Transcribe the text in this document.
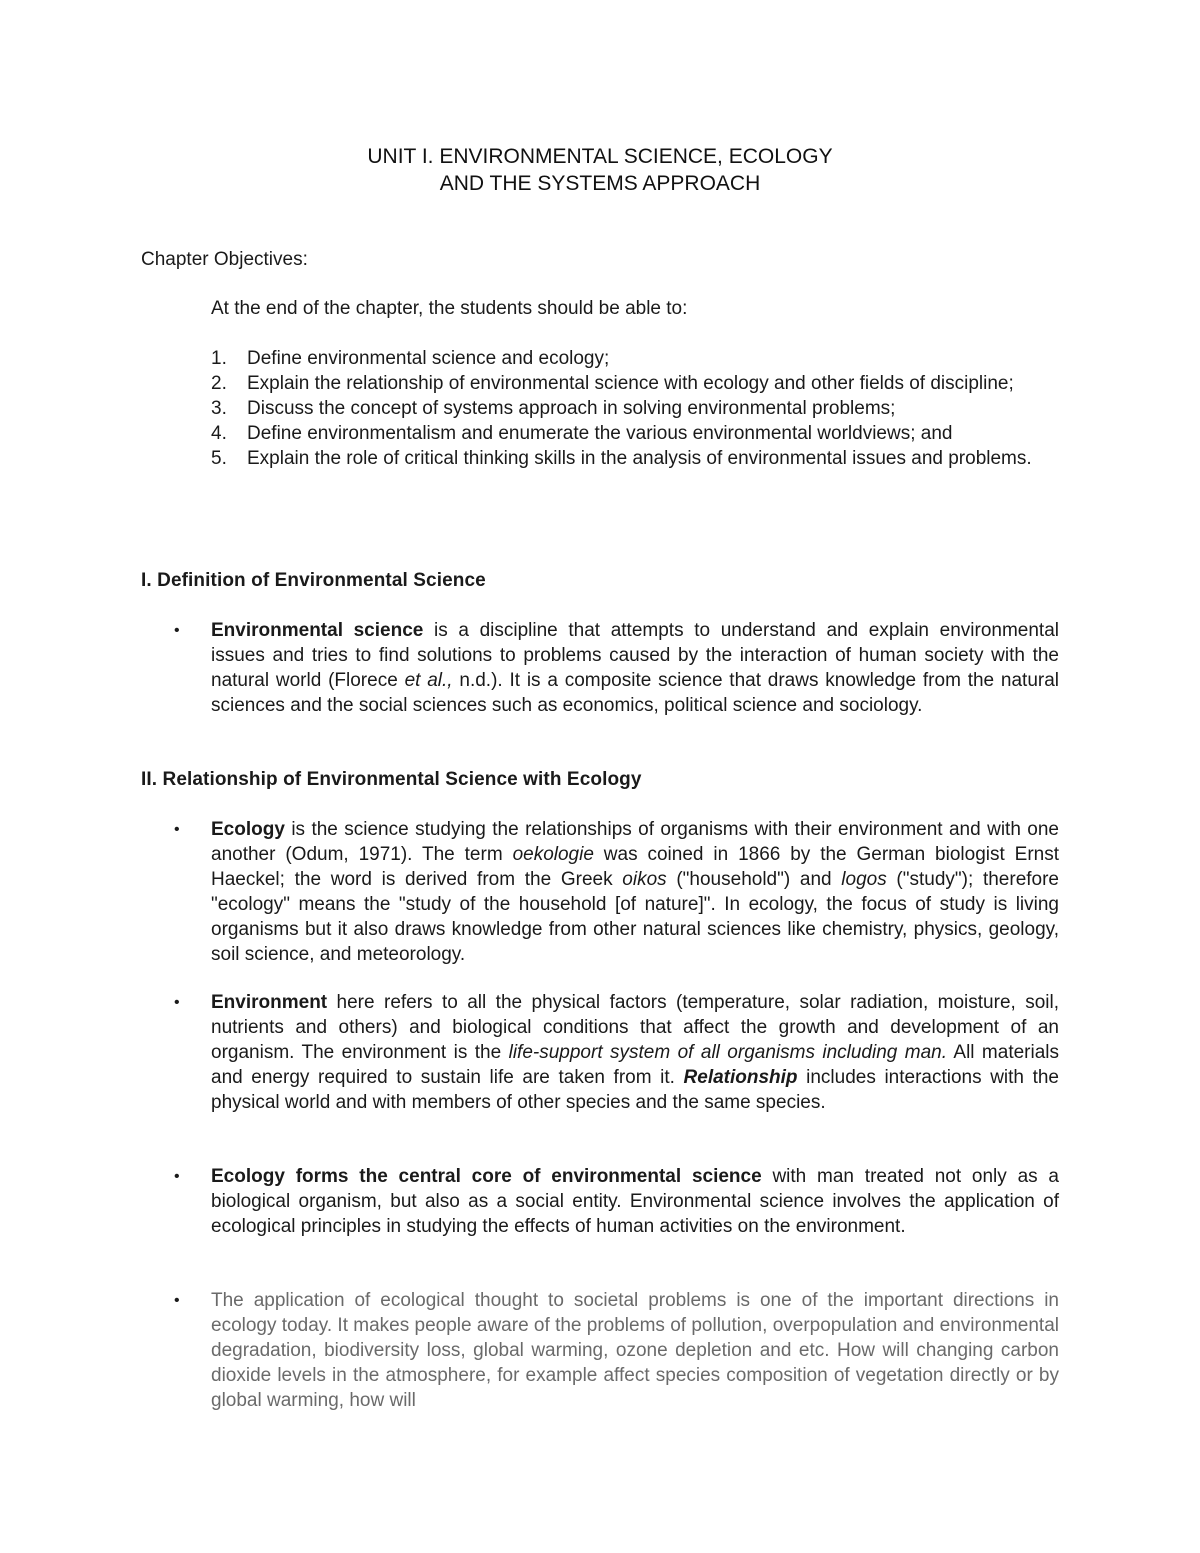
UNIT I. ENVIRONMENTAL SCIENCE, ECOLOGY
AND THE SYSTEMS APPROACH
Chapter Objectives:
At the end of the chapter, the students should be able to:
1. Define environmental science and ecology;
2. Explain the relationship of environmental science with ecology and other fields of discipline;
3. Discuss the concept of systems approach in solving environmental problems;
4. Define environmentalism and enumerate the various environmental worldviews; and
5. Explain the role of critical thinking skills in the analysis of environmental issues and problems.
I. Definition of Environmental Science
• Environmental science is a discipline that attempts to understand and explain environmental issues and tries to find solutions to problems caused by the interaction of human society with the natural world (Florece et al., n.d.). It is a composite science that draws knowledge from the natural sciences and the social sciences such as economics, political science and sociology.
II. Relationship of Environmental Science with Ecology
• Ecology is the science studying the relationships of organisms with their environment and with one another (Odum, 1971). The term oekologie was coined in 1866 by the German biologist Ernst Haeckel; the word is derived from the Greek oikos ("household") and logos ("study"); therefore "ecology" means the "study of the household [of nature]". In ecology, the focus of study is living organisms but it also draws knowledge from other natural sciences like chemistry, physics, geology, soil science, and meteorology.
• Environment here refers to all the physical factors (temperature, solar radiation, moisture, soil, nutrients and others) and biological conditions that affect the growth and development of an organism. The environment is the life-support system of all organisms including man. All materials and energy required to sustain life are taken from it. Relationship includes interactions with the physical world and with members of other species and the same species.
• Ecology forms the central core of environmental science with man treated not only as a biological organism, but also as a social entity. Environmental science involves the application of ecological principles in studying the effects of human activities on the environment.
• The application of ecological thought to societal problems is one of the important directions in ecology today. It makes people aware of the problems of pollution, overpopulation and environmental degradation, biodiversity loss, global warming, ozone depletion and etc. How will changing carbon dioxide levels in the atmosphere, for example affect species composition of vegetation directly or by global warming, how will
